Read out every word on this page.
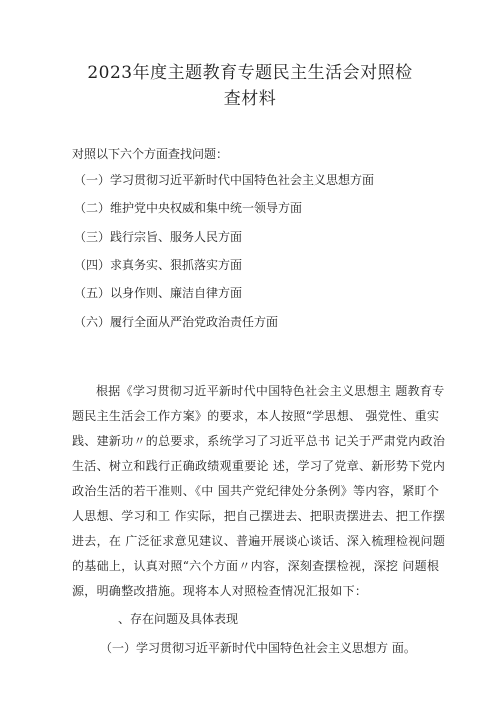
2023年度主题教育专题民主生活会对照检
查材料

对照以下六个方面查找问题：

（一）学习贯彻习近平新时代中国特色社会主义思想方面

（二）维护党中央权威和集中统一领导方面

（三）践行宗旨、服务人民方面

（四）求真务实、狠抓落实方面

（五）以身作则、廉洁自律方面

（六）履行全面从严治党政治责任方面

根据《学习贯彻习近平新时代中国特色社会主义思想主 题教育专

题民主生活会工作方案》的要求，本人按照“学思想、 强党性、重实

践、建新功〃的总要求，系统学习了习近平总书 记关于严肃党内政治

生活、树立和践行正确政绩观重要论 述，学习了党章、新形势下党内

政治生活的若干准则、《中 国共产党纪律处分条例》等内容，紧盯个

人思想、学习和工 作实际，把自己摆进去、把职责摆进去、把工作摆

进去，在 广泛征求意见建议、普遍开展谈心谈话、深入梳理检视问题

的基础上，认真对照“六个方面〃内容，深刻查摆检视，深挖 问题根

源，明确整改措施。现将本人对照检查情况汇报如下：

、存在问题及具体表现

（一）学习贯彻习近平新时代中国特色社会主义思想方 面。
